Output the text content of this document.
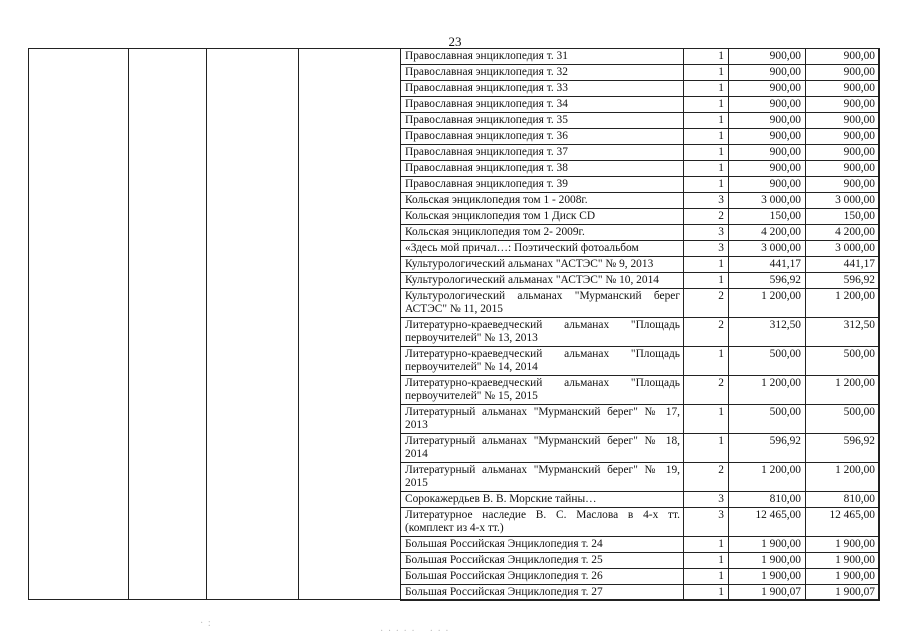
23
Православная энциклопедия т. 31	1	900,00	900,00
Православная энциклопедия т. 32	1	900,00	900,00
Православная энциклопедия т. 33	1	900,00	900,00
Православная энциклопедия т. 34	1	900,00	900,00
Православная энциклопедия т. 35	1	900,00	900,00
Православная энциклопедия т. 36	1	900,00	900,00
Православная энциклопедия т. 37	1	900,00	900,00
Православная энциклопедия т. 38	1	900,00	900,00
Православная энциклопедия т. 39	1	900,00	900,00
Кольская энциклопедия том 1 - 2008г.	3	3 000,00	3 000,00
Кольская энциклопедия том 1 Диск CD	2	150,00	150,00
Кольская энциклопедия том 2- 2009г.	3	4 200,00	4 200,00
«Здесь мой причал…: Поэтический фотоальбом	3	3 000,00	3 000,00
Культурологический альманах "АСТЭС" № 9, 2013	1	441,17	441,17
Культурологический альманах "АСТЭС" № 10, 2014	1	596,92	596,92
Культурологический альманах "Мурманский берег АСТЭС" № 11, 2015	2	1 200,00	1 200,00
Литературно-краеведческий альманах "Площадь первоучителей" № 13, 2013	2	312,50	312,50
Литературно-краеведческий альманах "Площадь первоучителей" № 14, 2014	1	500,00	500,00
Литературно-краеведческий альманах "Площадь первоучителей" № 15, 2015	2	1 200,00	1 200,00
Литературный альманах "Мурманский берег" № 17, 2013	1	500,00	500,00
Литературный альманах "Мурманский берег" № 18, 2014	1	596,92	596,92
Литературный альманах "Мурманский берег" № 19, 2015	2	1 200,00	1 200,00
Сорокажердьев В. В. Морские тайны…	3	810,00	810,00
Литературное наследие В. С. Маслова в 4-х тт. (комплект из 4-х тт.)	3	12 465,00	12 465,00
Большая Российская Энциклопедия т. 24	1	1 900,00	1 900,00
Большая Российская Энциклопедия т. 25	1	1 900,00	1 900,00
Большая Российская Энциклопедия т. 26	1	1 900,00	1 900,00
Большая Российская Энциклопедия т. 27	1	1 900,07	1 900,07
· :
· · · · ·    · · ·
